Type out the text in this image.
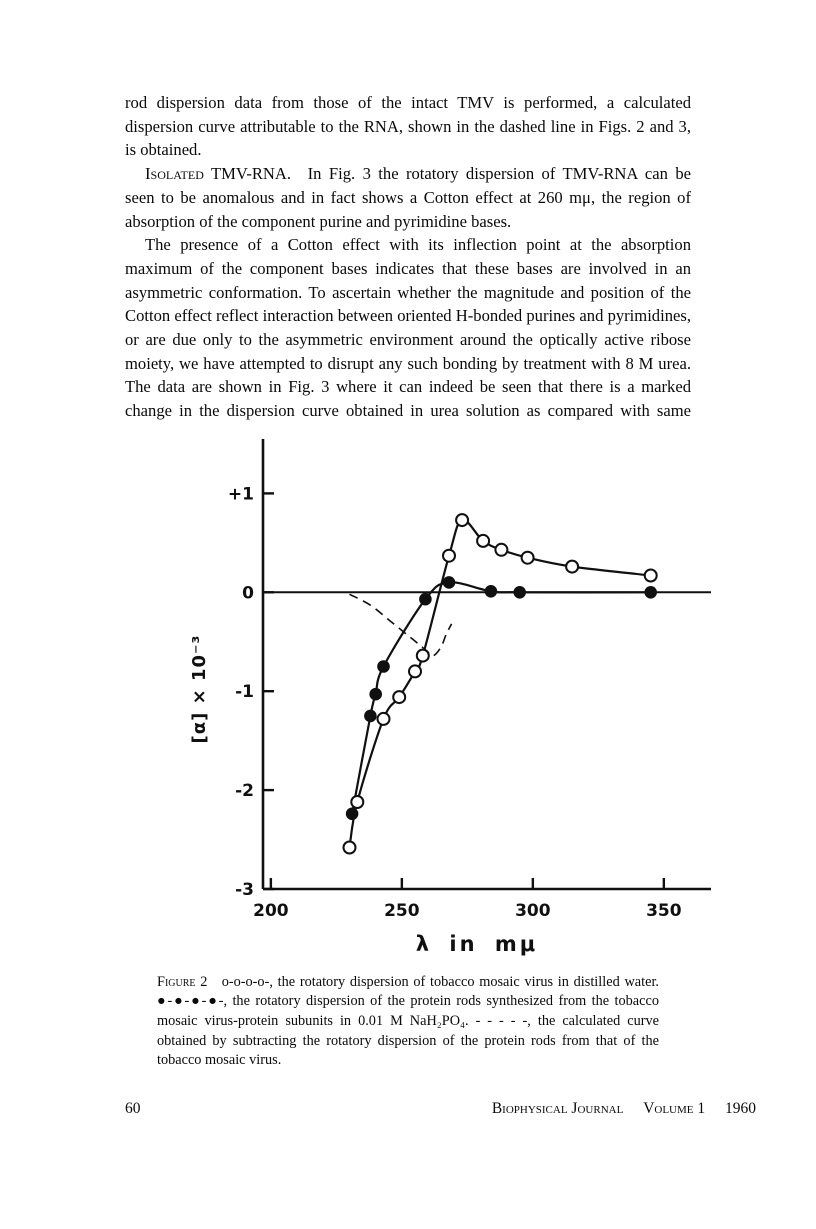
rod dispersion data from those of the intact TMV is performed, a calculated dispersion curve attributable to the RNA, shown in the dashed line in Figs. 2 and 3, is obtained.

Isolated TMV-RNA. In Fig. 3 the rotatory dispersion of TMV-RNA can be seen to be anomalous and in fact shows a Cotton effect at 260 mμ, the region of absorption of the component purine and pyrimidine bases.

The presence of a Cotton effect with its inflection point at the absorption maximum of the component bases indicates that these bases are involved in an asymmetric conformation. To ascertain whether the magnitude and position of the Cotton effect reflect interaction between oriented H-bonded purines and pyrimidines, or are due only to the asymmetric environment around the optically active ribose moiety, we have attempted to disrupt any such bonding by treatment with 8 M urea. The data are shown in Fig. 3 where it can indeed be seen that there is a marked change in the dispersion curve obtained in urea solution as compared with same

+1
0
-1
-2
-3
200	250	300	350
[α] × 10⁻³
λ in mμ
Figure 2 o-o-o-o-, the rotatory dispersion of tobacco mosaic virus in distilled water. ●-●-●-●-, the rotatory dispersion of the protein rods synthesized from the tobacco mosaic virus-protein subunits in 0.01 M NaH₂PO₄. - - - - -, the calculated curve obtained by subtracting the rotatory dispersion of the protein rods from that of the tobacco mosaic virus.
60	Biophysical Journal Volume 1 1960
